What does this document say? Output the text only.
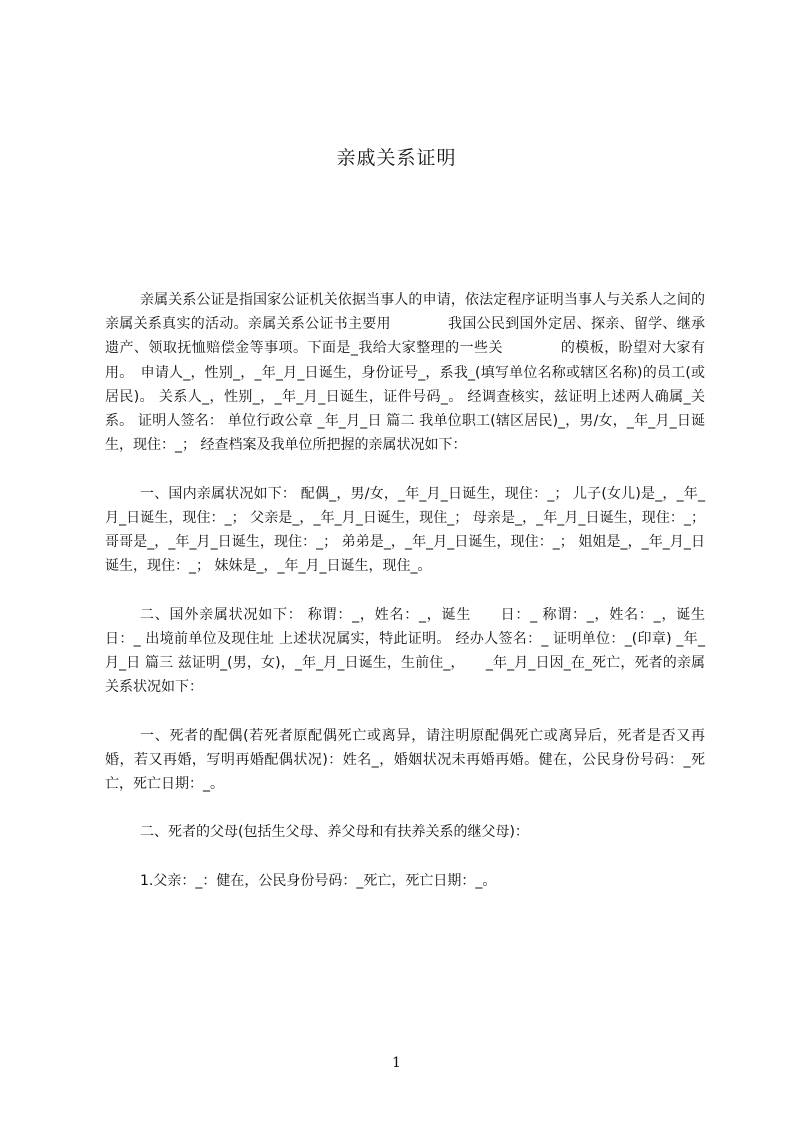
亲戚关系证明

亲属关系公证是指国家公证机关依据当事人的申请，依法定程序证明当事人与关系人之间的亲属关系真实的活动。亲属关系公证书主要用　　　　我国公民到国外定居、探亲、留学、继承遗产、领取抚恤赔偿金等事项。下面是_我给大家整理的一些关　　　　的模板，盼望对大家有用。　申请人_，性别_，_年_月_日诞生，身份证号_，系我_(填写单位名称或辖区名称)的员工(或居民)。 关系人_，性别_，_年_月_日诞生，证件号码_。 经调查核实，兹证明上述两人确属_关系。 证明人签名： 单位行政公章 _年_月_日 篇二 我单位职工(辖区居民)_，男/女，_年_月_日诞生，现住：_； 经查档案及我单位所把握的亲属状况如下：

一、国内亲属状况如下： 配偶_，男/女，_年_月_日诞生，现住：_； 儿子(女儿)是_，_年_月_日诞生，现住：_； 父亲是_，_年_月_日诞生，现住_； 母亲是_，_年_月_日诞生，现住：_； 哥哥是_，_年_月_日诞生，现住：_； 弟弟是_，_年_月_日诞生，现住：_； 姐姐是_，_年_月_日诞生，现住：_； 妹妹是_，_年_月_日诞生，现住_。

二、国外亲属状况如下： 称谓：_，姓名：_，诞生　　日：_ 称谓：_，姓名：_，诞生　　日：_ 出境前单位及现住址 上述状况属实，特此证明。 经办人签名：_ 证明单位：_(印章) _年_月_日 篇三 兹证明_(男，女)，_年_月_日诞生，生前住_，　　_年_月_日因_在_死亡，死者的亲属关系状况如下：

一、死者的配偶(若死者原配偶死亡或离异，请注明原配偶死亡或离异后，死者是否又再婚，若又再婚，写明再婚配偶状况)：姓名_，婚姻状况未再婚再婚。健在，公民身份号码：_死亡，死亡日期：_。

二、死者的父母(包括生父母、养父母和有扶养关系的继父母)：

1.父亲：_：健在，公民身份号码：_死亡，死亡日期：_。

1
